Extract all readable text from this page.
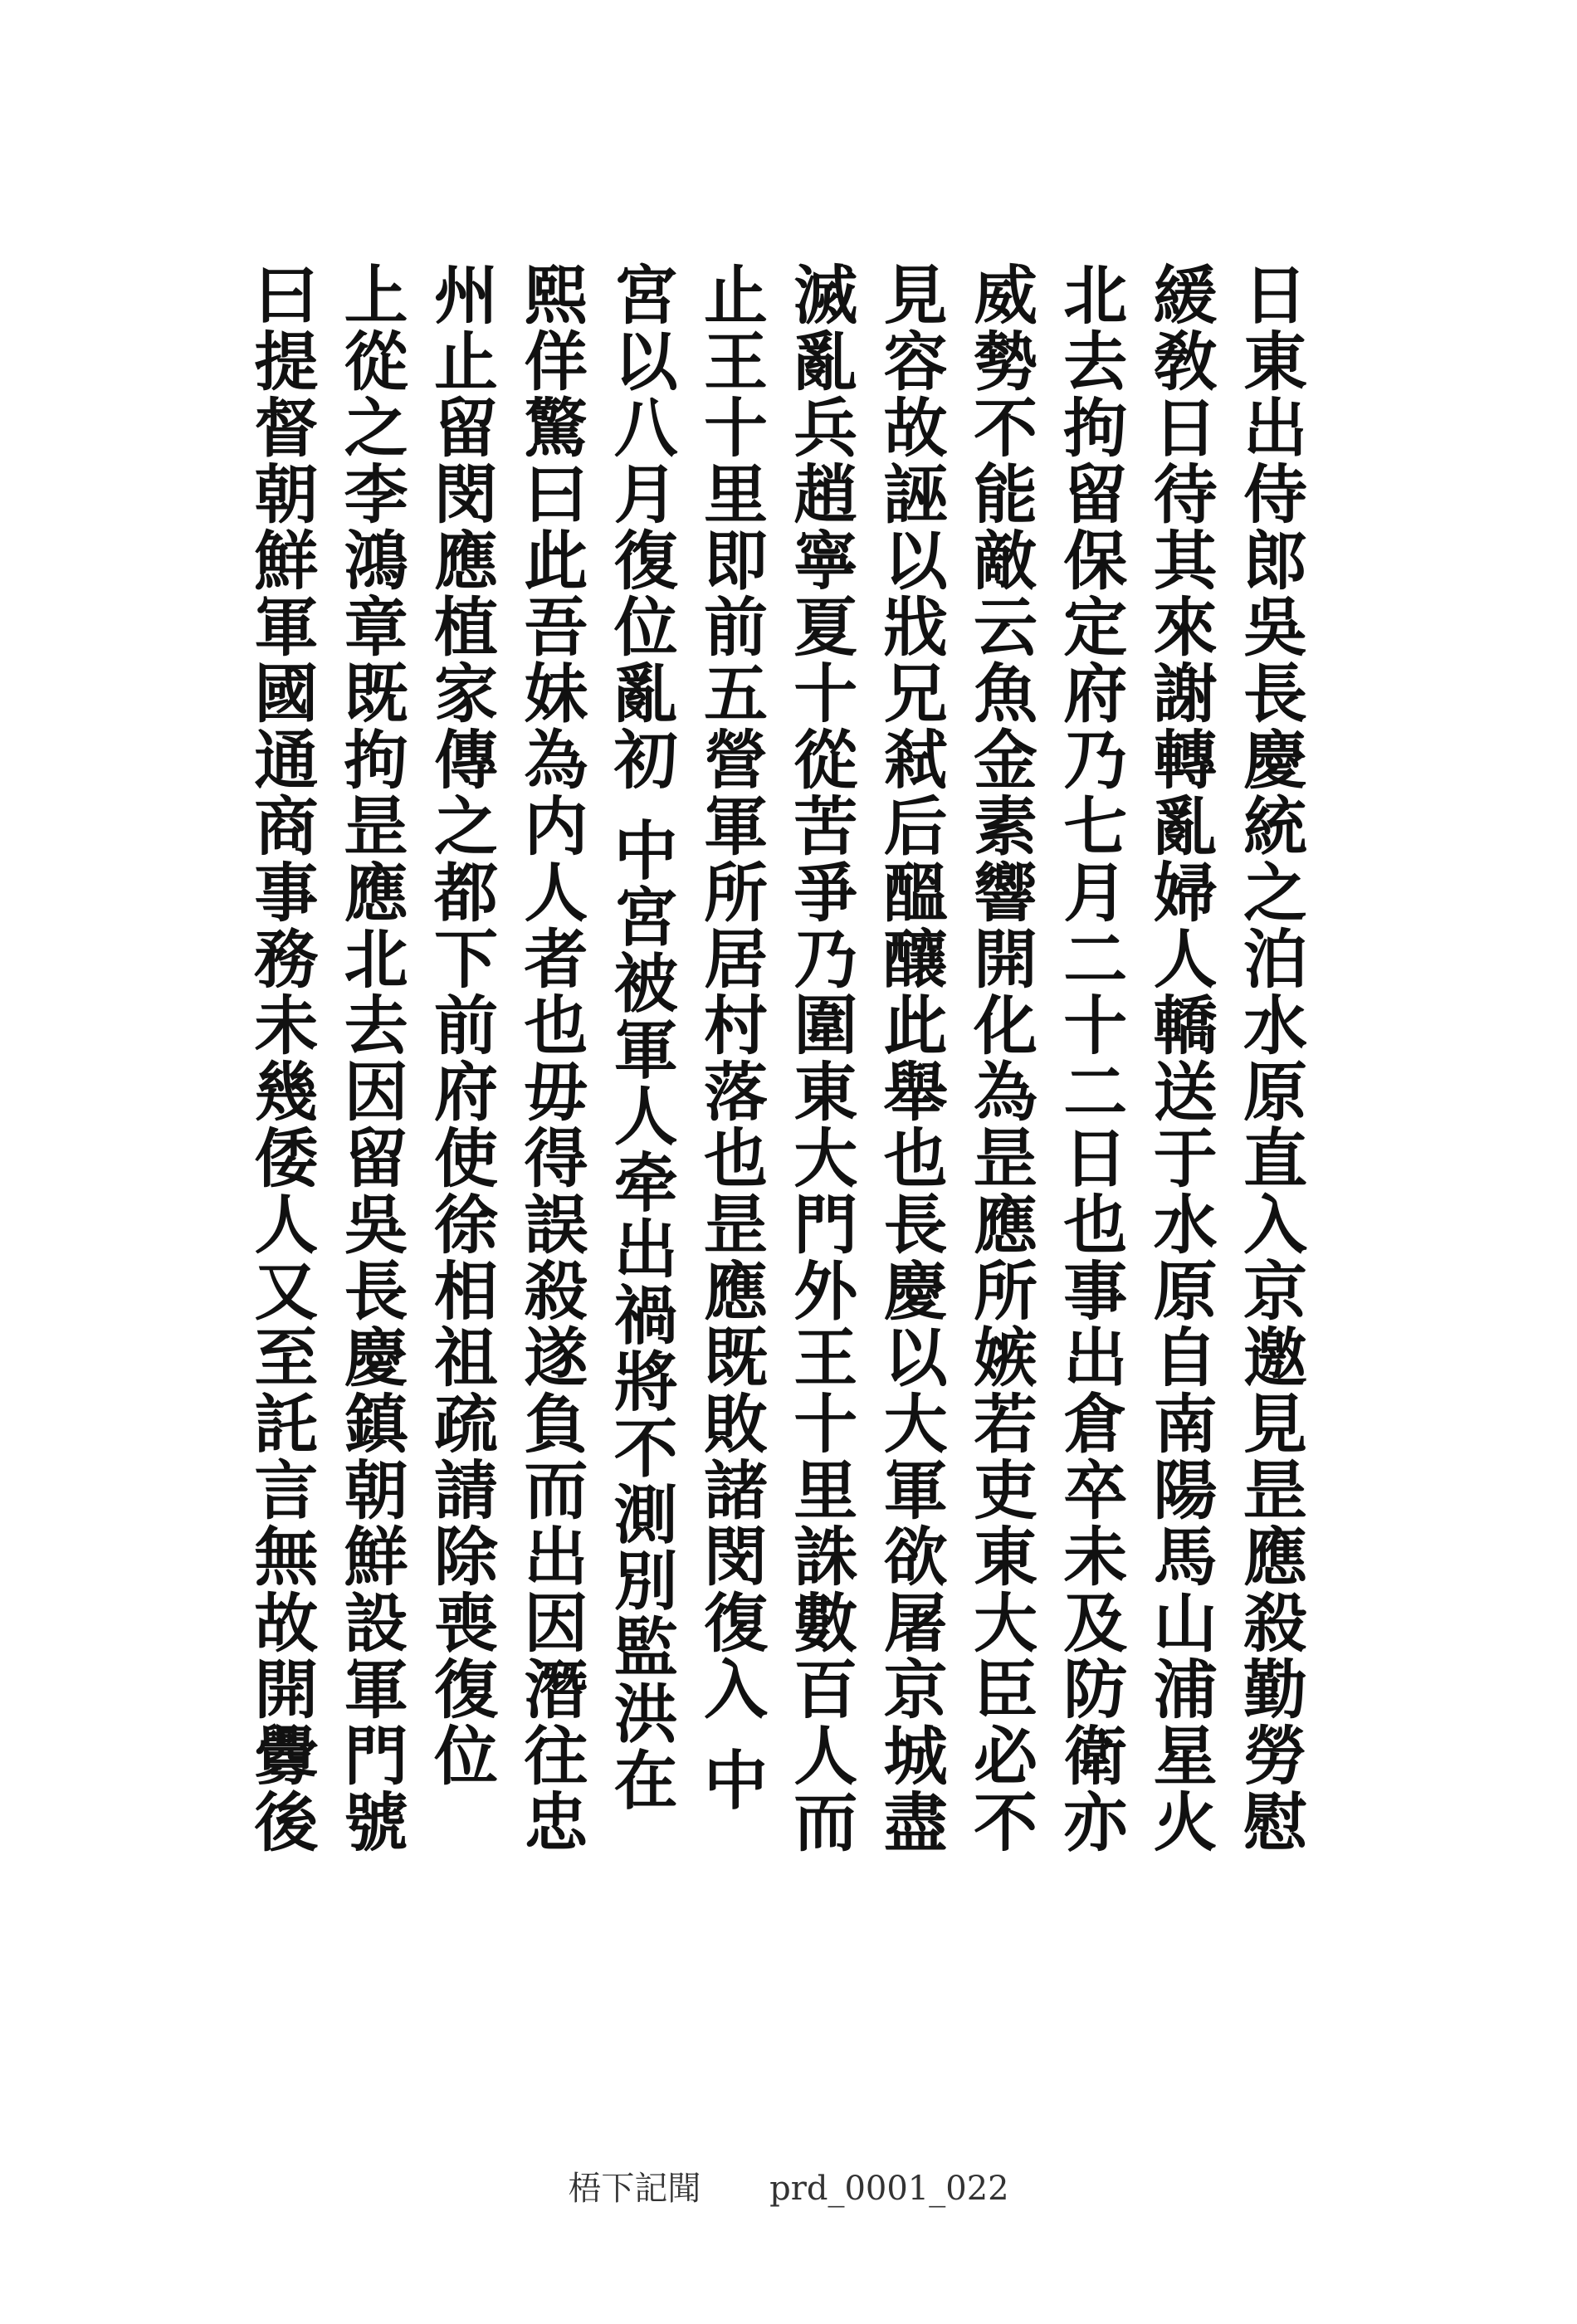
日東出侍郎吳長慶統之泊水原直入京邀見昰應殺勤勞慰
緩敎日待其來謝轉亂婦人轎送于水原自南陽馬山浦星火
北去拘留保定府乃七月二十二日也事出倉卒未及防衛亦
威勢不能敵云魚金素響開化為昰應所嫉若吏東大臣必不
見容故誣以戕兄弒后醞釀此舉也長慶以大軍欲屠京城盡
滅亂兵趙寧夏十從苦爭乃圍東大門外王十里誅數百人而
止王十里即前五營軍所居村落也昰應既敗諸閔復入 中
宮以八月復位亂初 中宮被軍人牵出禍將不測別監洪在
熙佯驚曰此吾妹為内人者也毋得誤殺遂負而出因潛往忠
州止留閔應植家傳之都下前府使徐相祖疏請除喪復位
上從之李鴻章既拘昰應北去因留吳長慶鎮朝鮮設軍門號
曰提督朝鮮軍國通商事務未幾倭人又至託言無故開釁後
梧下記聞 prd_0001_022
